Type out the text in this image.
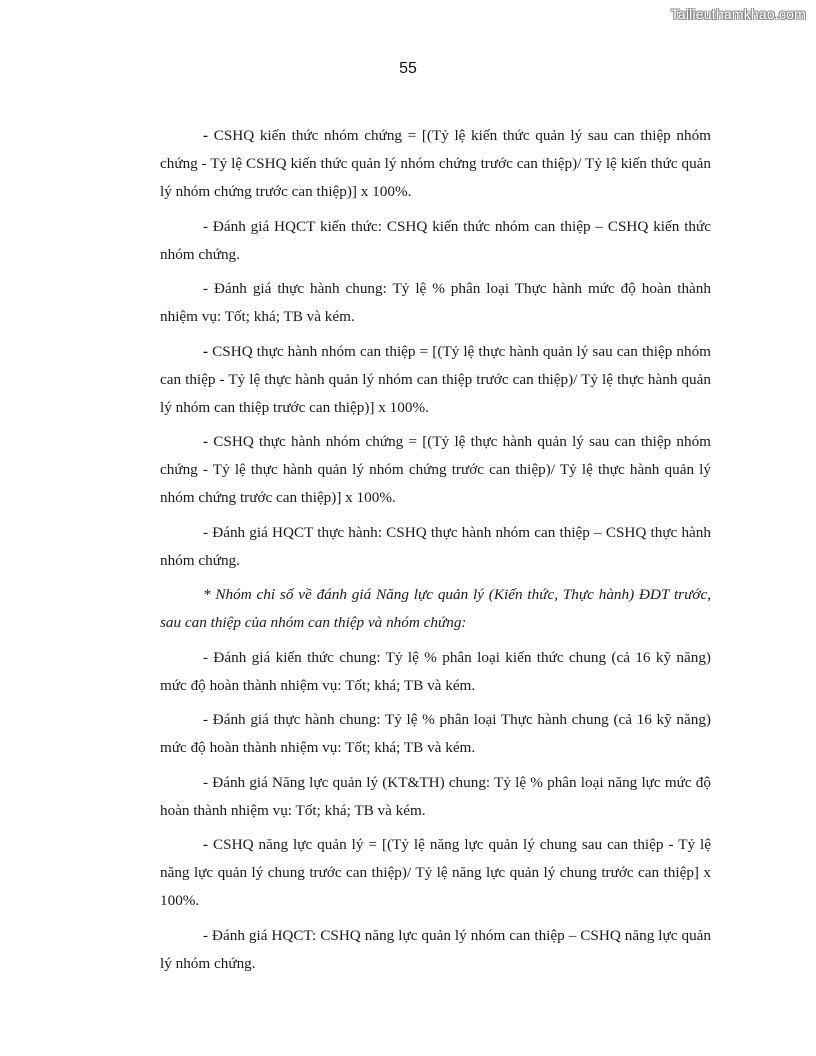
Tailieuthamkhao.com
55

- CSHQ kiến thức nhóm chứng = [(Tỷ lệ kiến thức quản lý sau can thiệp nhóm chứng - Tỷ lệ CSHQ kiến thức quản lý nhóm chứng trước can thiệp)/ Tỷ lệ kiến thức quản lý nhóm chứng trước can thiệp)] x 100%.

- Đánh giá HQCT kiến thức: CSHQ kiến thức nhóm can thiệp – CSHQ kiến thức nhóm chứng.

- Đánh giá thực hành chung: Tỷ lệ % phân loại Thực hành mức độ hoàn thành nhiệm vụ: Tốt; khá; TB và kém.

- CSHQ thực hành nhóm can thiệp = [(Tỷ lệ thực hành quản lý sau can thiệp nhóm can thiệp - Tỷ lệ thực hành quản lý nhóm can thiệp trước can thiệp)/ Tỷ lệ thực hành quản lý nhóm can thiệp trước can thiệp)] x 100%.

- CSHQ thực hành nhóm chứng = [(Tỷ lệ thực hành quản lý sau can thiệp nhóm chứng - Tỷ lệ thực hành quản lý nhóm chứng trước can thiệp)/ Tỷ lệ thực hành quản lý nhóm chứng trước can thiệp)] x 100%.

- Đánh giá HQCT thực hành: CSHQ thực hành nhóm can thiệp – CSHQ thực hành nhóm chứng.

* Nhóm chỉ số về đánh giá Năng lực quản lý (Kiến thức, Thực hành) ĐDT trước, sau can thiệp của nhóm can thiệp và nhóm chứng:

- Đánh giá kiến thức chung: Tỷ lệ % phân loại kiến thức chung (cả 16 kỹ năng) mức độ hoàn thành nhiệm vụ: Tốt; khá; TB và kém.

- Đánh giá thực hành chung: Tỷ lệ % phân loại Thực hành chung (cả 16 kỹ năng) mức độ hoàn thành nhiệm vụ: Tốt; khá; TB và kém.

- Đánh giá Năng lực quản lý (KT&TH) chung: Tỷ lệ % phân loại năng lực mức độ hoàn thành nhiệm vụ: Tốt; khá; TB và kém.

- CSHQ năng lực quản lý = [(Tỷ lệ năng lực quản lý chung sau can thiệp - Tỷ lệ năng lực quản lý chung trước can thiệp)/ Tỷ lệ năng lực quản lý chung trước can thiệp] x 100%.

- Đánh giá HQCT: CSHQ năng lực quản lý nhóm can thiệp – CSHQ năng lực quản lý nhóm chứng.
